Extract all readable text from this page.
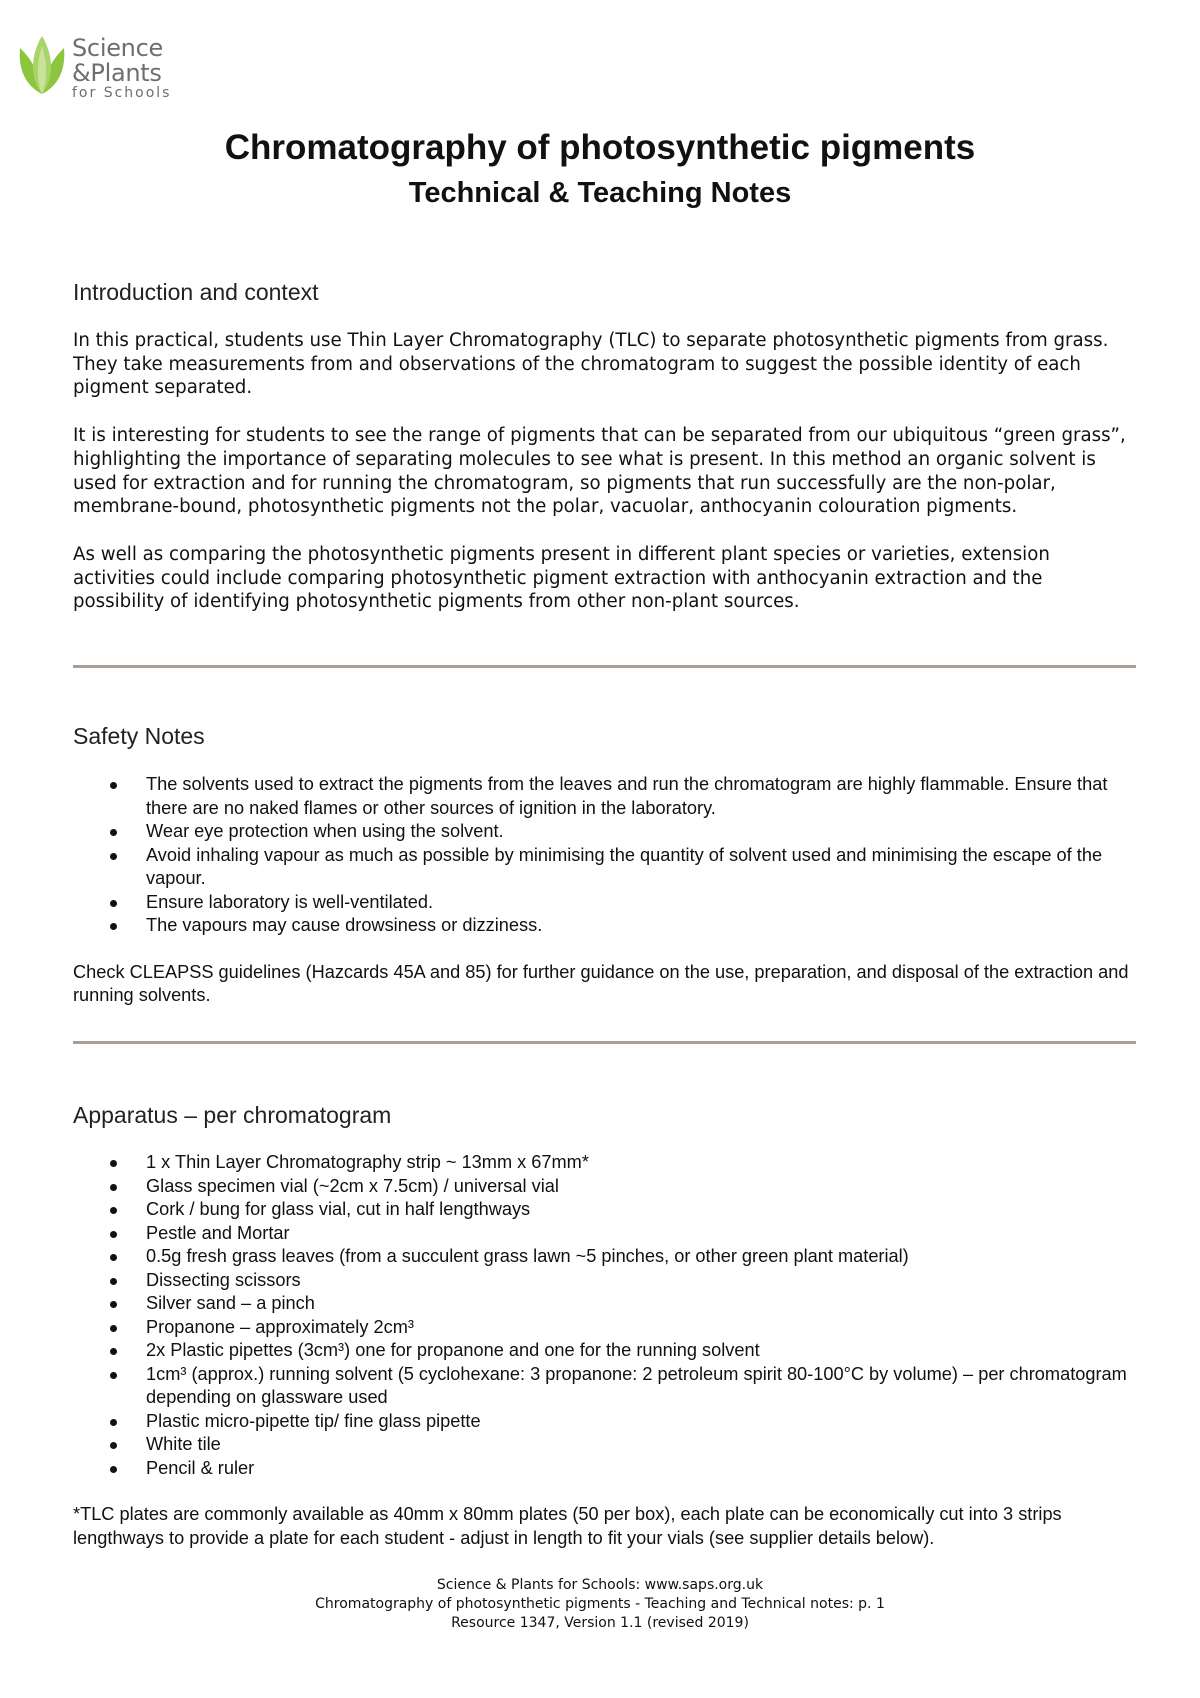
Science
&Plants
for Schools
Chromatography of photosynthetic pigments
Technical & Teaching Notes

Introduction and context

In this practical, students use Thin Layer Chromatography (TLC) to separate photosynthetic pigments from grass. They take measurements from and observations of the chromatogram to suggest the possible identity of each pigment separated.

It is interesting for students to see the range of pigments that can be separated from our ubiquitous “green grass”, highlighting the importance of separating molecules to see what is present. In this method an organic solvent is used for extraction and for running the chromatogram, so pigments that run successfully are the non-polar, membrane-bound, photosynthetic pigments not the polar, vacuolar, anthocyanin colouration pigments.

As well as comparing the photosynthetic pigments present in different plant species or varieties, extension activities could include comparing photosynthetic pigment extraction with anthocyanin extraction and the possibility of identifying photosynthetic pigments from other non-plant sources.

Safety Notes

The solvents used to extract the pigments from the leaves and run the chromatogram are highly flammable. Ensure that there are no naked flames or other sources of ignition in the laboratory.
Wear eye protection when using the solvent.
Avoid inhaling vapour as much as possible by minimising the quantity of solvent used and minimising the escape of the vapour.
Ensure laboratory is well-ventilated.
The vapours may cause drowsiness or dizziness.

Check CLEAPSS guidelines (Hazcards 45A and 85) for further guidance on the use, preparation, and disposal of the extraction and running solvents.

Apparatus – per chromatogram

1 x Thin Layer Chromatography strip ~ 13mm x 67mm*
Glass specimen vial (~2cm x 7.5cm) / universal vial
Cork / bung for glass vial, cut in half lengthways
Pestle and Mortar
0.5g fresh grass leaves (from a succulent grass lawn ~5 pinches, or other green plant material)
Dissecting scissors
Silver sand – a pinch
Propanone – approximately 2cm³
2x Plastic pipettes (3cm³) one for propanone and one for the running solvent
1cm³ (approx.) running solvent (5 cyclohexane: 3 propanone: 2 petroleum spirit 80-100°C by volume) – per chromatogram depending on glassware used
Plastic micro-pipette tip/ fine glass pipette
White tile
Pencil & ruler

*TLC plates are commonly available as 40mm x 80mm plates (50 per box), each plate can be economically cut into 3 strips lengthways to provide a plate for each student - adjust in length to fit your vials (see supplier details below).

Science & Plants for Schools: www.saps.org.uk
Chromatography of photosynthetic pigments - Teaching and Technical notes: p. 1
Resource 1347, Version 1.1 (revised 2019)
